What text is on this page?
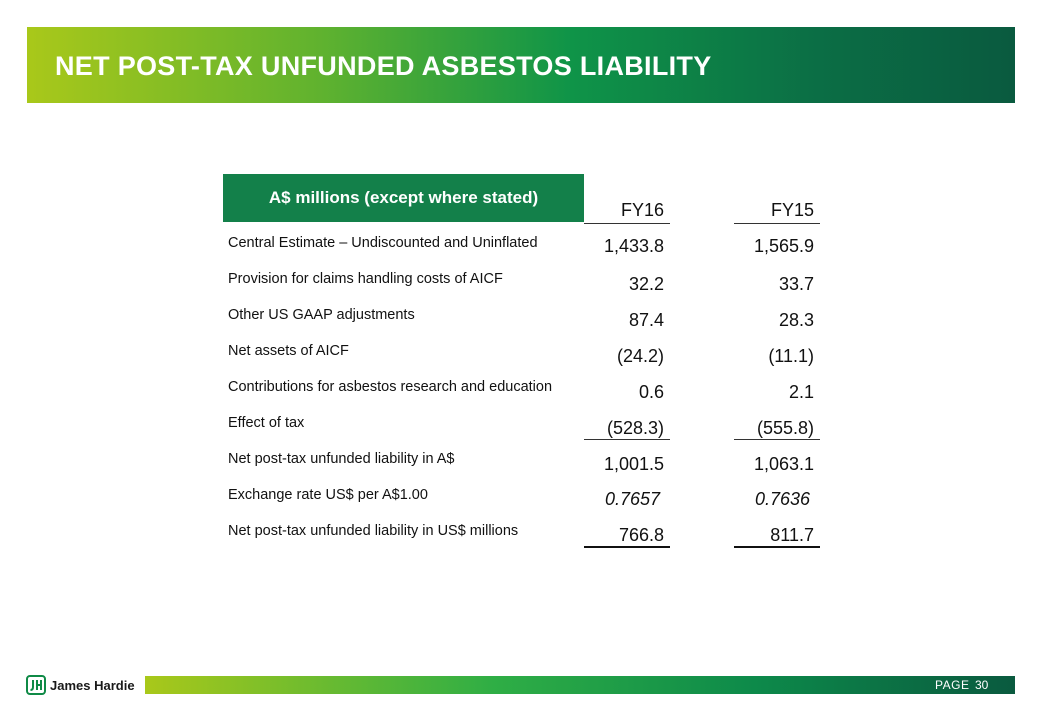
NET POST-TAX UNFUNDED ASBESTOS LIABILITY
A$ millions (except where stated)
FY16	FY15
Central Estimate – Undiscounted and Uninflated	1,433.8	1,565.9
Provision for claims handling costs of AICF	32.2	33.7
Other US GAAP adjustments	87.4	28.3
Net assets of AICF	(24.2)	(11.1)
Contributions for asbestos research and education	0.6	2.1
Effect of tax	(528.3)	(555.8)
Net post-tax unfunded liability in A$	1,001.5	1,063.1
Exchange rate US$ per A$1.00	0.7657	0.7636
Net post-tax unfunded liability in US$ millions	766.8	811.7
James Hardie	PAGE 30
